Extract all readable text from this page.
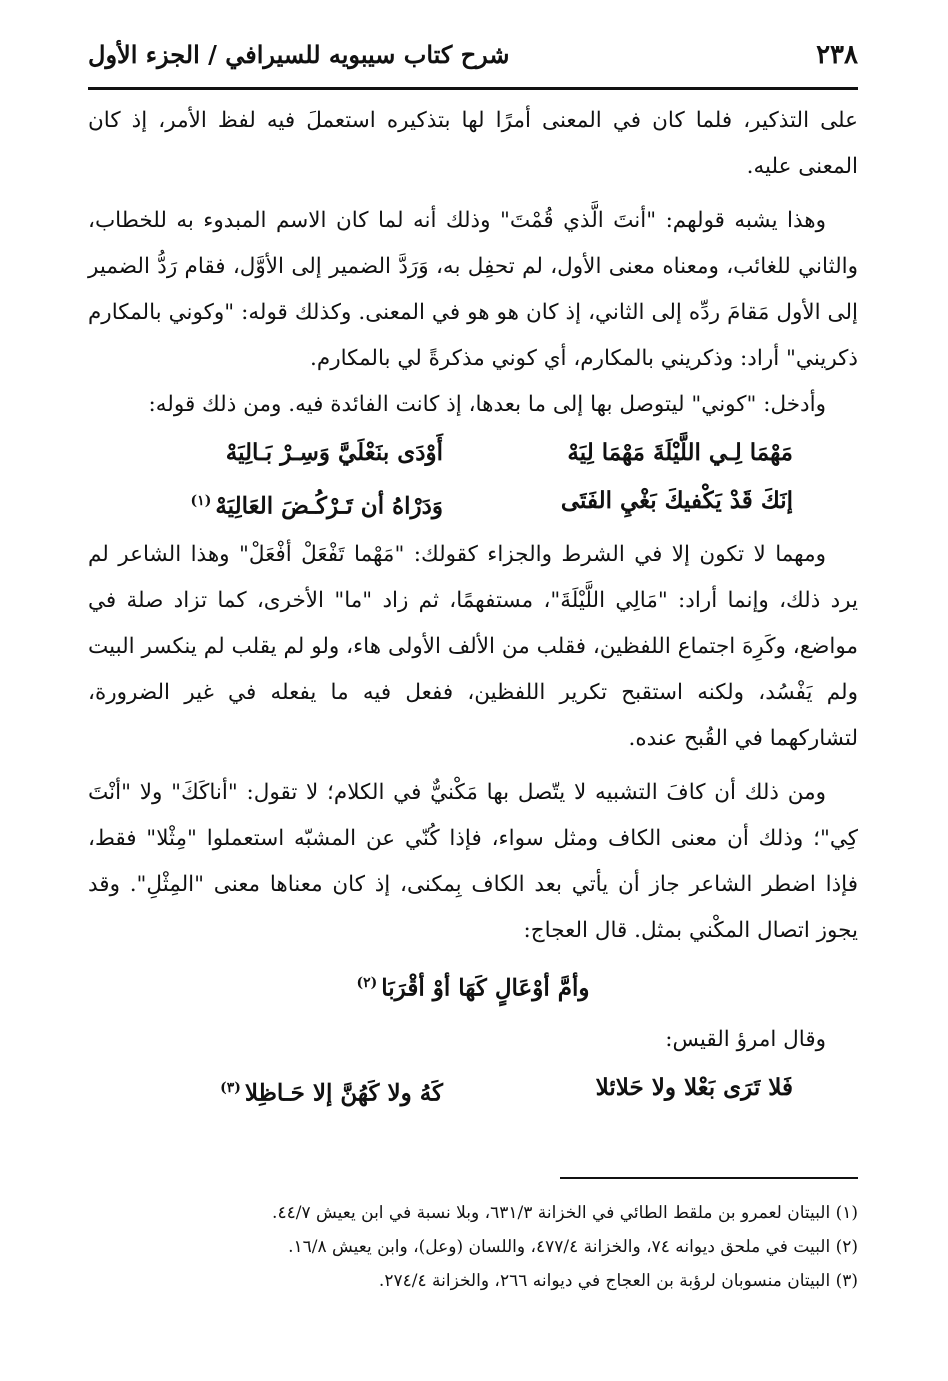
٢٣٨
شرح كتاب سيبويه للسيرافي / الجزء الأول

على التذكير، فلما كان في المعنى أمرًا لها بتذكيره استعملَ فيه لفظ الأمر، إذ كان المعنى عليه.

وهذا يشبه قولهم: "أنتَ الَّذي قُمْتَ" وذلك أنه لما كان الاسم المبدوء به للخطاب، والثاني للغائب، ومعناه معنى الأول، لم تحفِل به، وَرَدَّ الضمير إلى الأوَّل، فقام رَدُّ الضمير إلى الأول مَقامَ ردِّه إلى الثاني، إذ كان هو هو في المعنى. وكذلك قوله: "وكوني بالمكارم ذكريني" أراد: وذكريني بالمكارم، أي كوني مذكرةً لي بالمكارم.

وأدخل: "كوني" ليتوصل بها إلى ما بعدها، إذ كانت الفائدة فيه. ومن ذلك قوله:

مَهْمَا لِـي اللَّيْلَةَ مَهْمَا لِيَهْ
أَوْدَى بنَعْلَيَّ وَسِـرْ بَـالِيَهْ
إنَكَ قَدْ يَكْفيكَ بَغْيِ الفَتَى
وَدَرْاهُ أن تَـرْكُـضَ العَالِيَهْ$^{(١)}$

ومهما لا تكون إلا في الشرط والجزاء كقولك: "مَهْما تَفْعَلْ أفْعَلْ" وهذا الشاعر لم يرد ذلك، وإنما أراد: "مَالِي اللَّيْلَةَ"، مستفهمًا، ثم زاد "ما" الأخرى، كما تزاد صلة في مواضع، وكَرِهَ اجتماع اللفظين، فقلب من الألف الأولى هاء، ولو لم يقلب لم ينكسر البيت ولم يَفْسُد، ولكنه استقبح تكرير اللفظين، ففعل فيه ما يفعله في غير الضرورة، لتشاركهما في القُبح عنده.

ومن ذلك أن كافَ التشبيه لا يتّصل بها مَكْنيٌّ في الكلام؛ لا تقول: "أناكَكَ" ولا "أنْتَ كِي"؛ وذلك أن معنى الكاف ومثل سواء، فإذا كُنّي عن المشبّه استعملوا "مِثْلا" فقط، فإذا اضطر الشاعر جاز أن يأتي بعد الكاف بِمكنى، إذ كان معناها معنى "المِثْلِ". وقد يجوز اتصال المكْني بمثل. قال العجاج:

وأمَّ أوْعَالٍ كَهَا أوْ أقْرَبَا$^{(٢)}$

وقال امرؤ القيس:

فَلا تَرَى بَعْلا ولا حَلائلا
كَهُ ولا كَهُنَّ إلا حَـاظِلا$^{(٣)}$

(١) البيتان لعمرو بن ملقط الطائي في الخزانة ٦٣١/٣، وبلا نسبة في ابن يعيش ٤٤/٧.

(٢) البيت في ملحق ديوانه ٧٤، والخزانة ٤٧٧/٤، واللسان (وعل)، وابن يعيش ١٦/٨.

(٣) البيتان منسوبان لرؤبة بن العجاج في ديوانه ٢٦٦، والخزانة ٢٧٤/٤.
